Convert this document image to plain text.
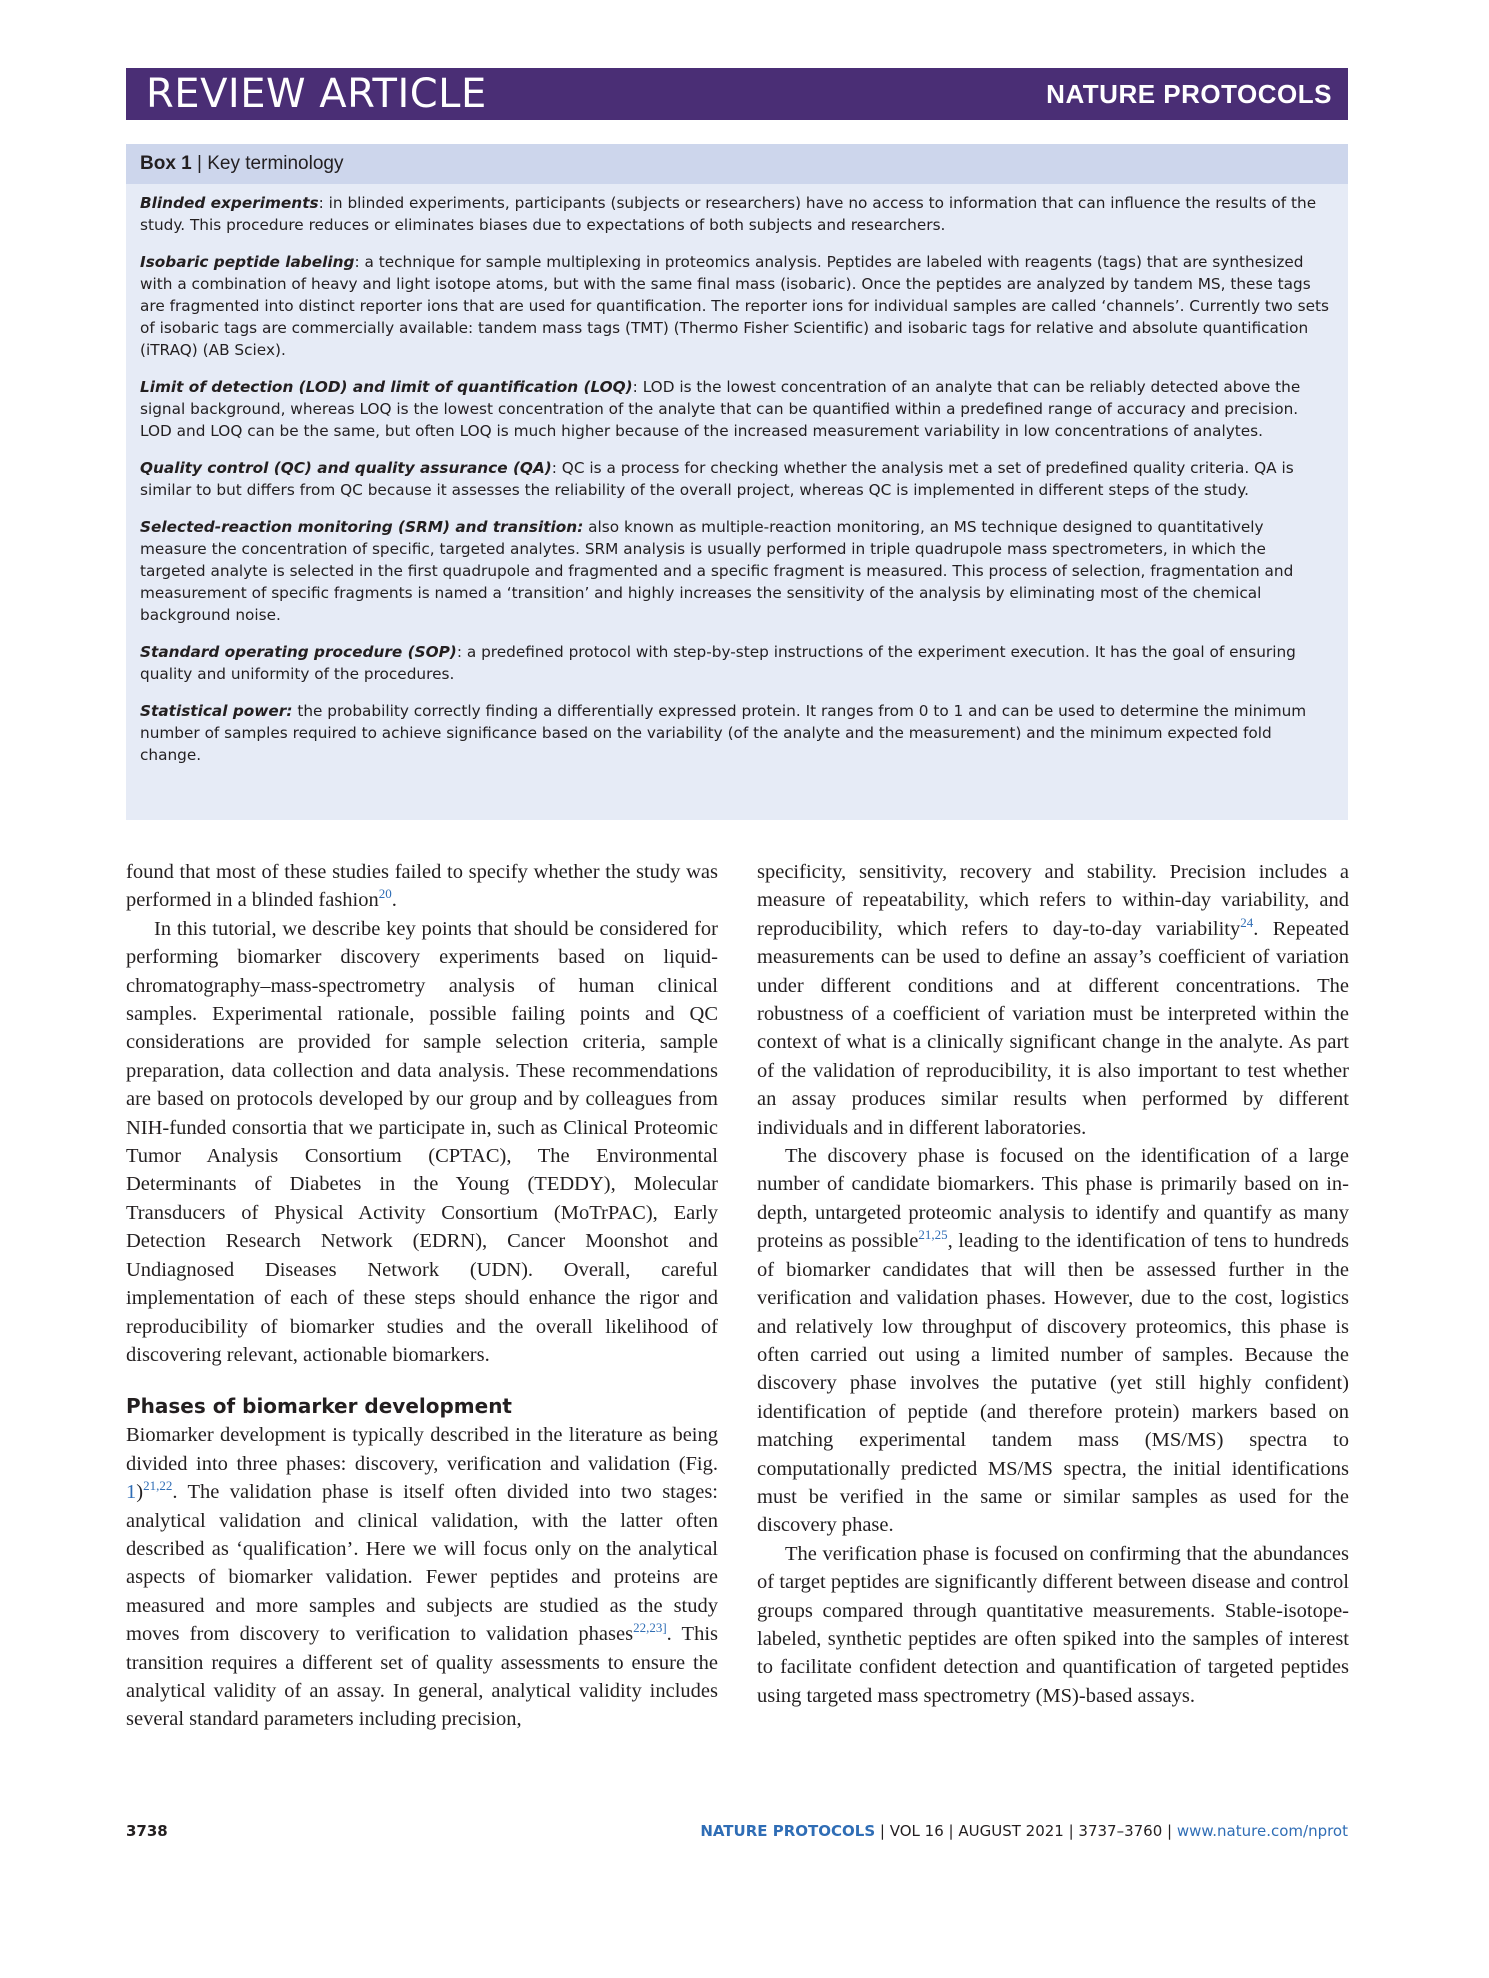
REVIEW ARTICLE	NATURE PROTOCOLS
Box 1 | Key terminology

Blinded experiments: in blinded experiments, participants (subjects or researchers) have no access to information that can influence the results of the study. This procedure reduces or eliminates biases due to expectations of both subjects and researchers.

Isobaric peptide labeling: a technique for sample multiplexing in proteomics analysis. Peptides are labeled with reagents (tags) that are synthesized with a combination of heavy and light isotope atoms, but with the same final mass (isobaric). Once the peptides are analyzed by tandem MS, these tags are fragmented into distinct reporter ions that are used for quantification. The reporter ions for individual samples are called ‘channels’. Currently two sets of isobaric tags are commercially available: tandem mass tags (TMT) (Thermo Fisher Scientific) and isobaric tags for relative and absolute quantification (iTRAQ) (AB Sciex).

Limit of detection (LOD) and limit of quantification (LOQ): LOD is the lowest concentration of an analyte that can be reliably detected above the signal background, whereas LOQ is the lowest concentration of the analyte that can be quantified within a predefined range of accuracy and precision. LOD and LOQ can be the same, but often LOQ is much higher because of the increased measurement variability in low concentrations of analytes.

Quality control (QC) and quality assurance (QA): QC is a process for checking whether the analysis met a set of predefined quality criteria. QA is similar to but differs from QC because it assesses the reliability of the overall project, whereas QC is implemented in different steps of the study.

Selected-reaction monitoring (SRM) and transition: also known as multiple-reaction monitoring, an MS technique designed to quantitatively measure the concentration of specific, targeted analytes. SRM analysis is usually performed in triple quadrupole mass spectrometers, in which the targeted analyte is selected in the first quadrupole and fragmented and a specific fragment is measured. This process of selection, fragmentation and measurement of specific fragments is named a ‘transition’ and highly increases the sensitivity of the analysis by eliminating most of the chemical background noise.

Standard operating procedure (SOP): a predefined protocol with step-by-step instructions of the experiment execution. It has the goal of ensuring quality and uniformity of the procedures.

Statistical power: the probability correctly finding a differentially expressed protein. It ranges from 0 to 1 and can be used to determine the minimum number of samples required to achieve significance based on the variability (of the analyte and the measurement) and the minimum expected fold change.

found that most of these studies failed to specify whether the study was performed in a blinded fashion$^{20}$.

In this tutorial, we describe key points that should be considered for performing biomarker discovery experiments based on liquid-chromatography–mass-spectrometry analysis of human clinical samples. Experimental rationale, possible failing points and QC considerations are provided for sample selection criteria, sample preparation, data collection and data analysis. These recommendations are based on protocols developed by our group and by colleagues from NIH-funded consortia that we participate in, such as Clinical Proteomic Tumor Analysis Consortium (CPTAC), The Environmental Determinants of Diabetes in the Young (TEDDY), Molecular Transducers of Physical Activity Consortium (MoTrPAC), Early Detection Research Network (EDRN), Cancer Moonshot and Undiagnosed Diseases Network (UDN). Overall, careful implementation of each of these steps should enhance the rigor and reproducibility of biomarker studies and the overall likelihood of discovering relevant, actionable biomarkers.

Phases of biomarker development

Biomarker development is typically described in the literature as being divided into three phases: discovery, verification and validation (Fig. 1)$^{21,22}$. The validation phase is itself often divided into two stages: analytical validation and clinical validation, with the latter often described as ‘qualification’. Here we will focus only on the analytical aspects of biomarker validation. Fewer peptides and proteins are measured and more samples and subjects are studied as the study moves from discovery to verification to validation phases$^{22,23]}$. This transition requires a different set of quality assessments to ensure the analytical validity of an assay. In general, analytical validity includes several standard parameters including precision,

specificity, sensitivity, recovery and stability. Precision includes a measure of repeatability, which refers to within-day variability, and reproducibility, which refers to day-to-day variability$^{24}$. Repeated measurements can be used to define an assay’s coefficient of variation under different conditions and at different concentrations. The robustness of a coefficient of variation must be interpreted within the context of what is a clinically significant change in the analyte. As part of the validation of reproducibility, it is also important to test whether an assay produces similar results when performed by different individuals and in different laboratories.

The discovery phase is focused on the identification of a large number of candidate biomarkers. This phase is primarily based on in-depth, untargeted proteomic analysis to identify and quantify as many proteins as possible$^{21,25}$, leading to the identification of tens to hundreds of biomarker candidates that will then be assessed further in the verification and validation phases. However, due to the cost, logistics and relatively low throughput of discovery proteomics, this phase is often carried out using a limited number of samples. Because the discovery phase involves the putative (yet still highly confident) identification of peptide (and therefore protein) markers based on matching experimental tandem mass (MS/MS) spectra to computationally predicted MS/MS spectra, the initial identifications must be verified in the same or similar samples as used for the discovery phase.

The verification phase is focused on confirming that the abundances of target peptides are significantly different between disease and control groups compared through quantitative measurements. Stable-isotope-labeled, synthetic peptides are often spiked into the samples of interest to facilitate confident detection and quantification of targeted peptides using targeted mass spectrometry (MS)-based assays.

3738	NATURE PROTOCOLS | VOL 16 | AUGUST 2021 | 3737–3760 | www.nature.com/nprot
